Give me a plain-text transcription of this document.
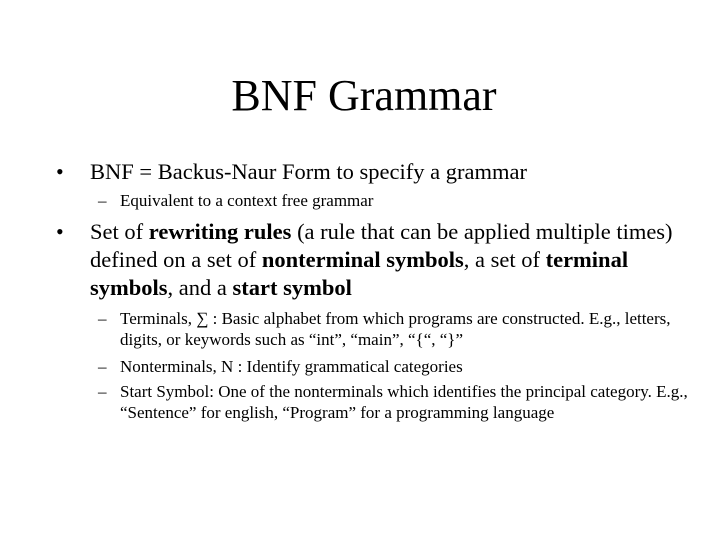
BNF Grammar
• BNF = Backus-Naur Form to specify a grammar
– Equivalent to a context free grammar
• Set of rewriting rules (a rule that can be applied multiple times) defined on a set of nonterminal symbols, a set of terminal symbols, and a start symbol
– Terminals, ∑ : Basic alphabet from which programs are constructed. E.g., letters, digits, or keywords such as “int”, “main”, “{“, “}”
– Nonterminals, N : Identify grammatical categories
– Start Symbol: One of the nonterminals which identifies the principal category. E.g., “Sentence” for english, “Program” for a programming language
